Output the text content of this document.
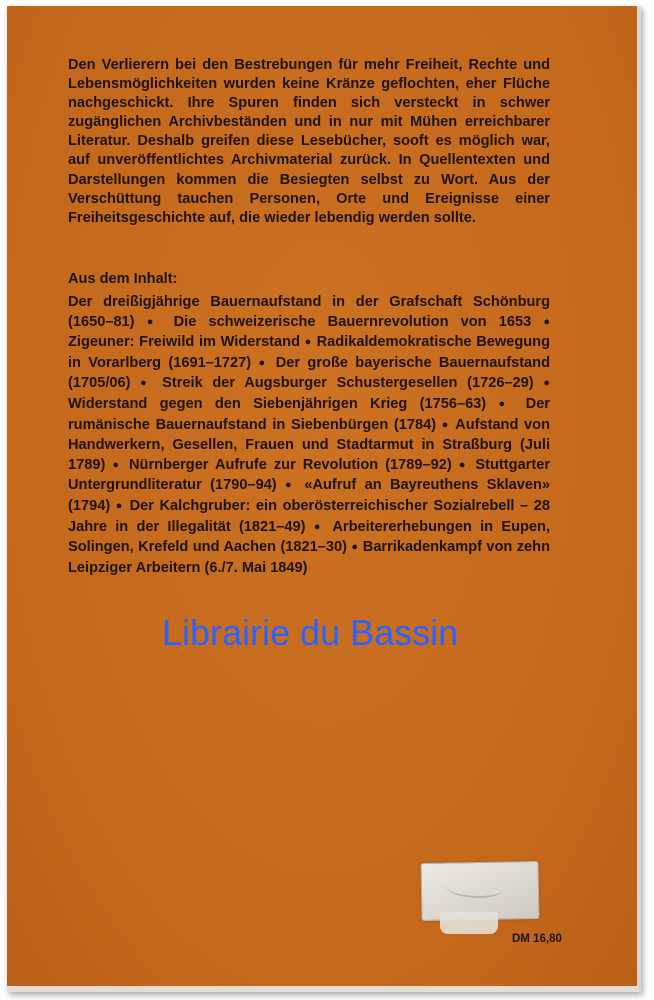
Den Verlierern bei den Bestrebungen für mehr Freiheit, Rechte und Lebensmöglichkeiten wurden keine Kränze geflochten, eher Flüche nachgeschickt. Ihre Spuren finden sich versteckt in schwer zugänglichen Archivbeständen und in nur mit Mühen erreichbarer Literatur. Deshalb greifen diese Lesebücher, sooft es möglich war, auf unveröffentlichtes Archivmaterial zurück. In Quellentexten und Darstellungen kommen die Besiegten selbst zu Wort. Aus der Verschüttung tauchen Personen, Orte und Ereignisse einer Freiheitsgeschichte auf, die wieder lebendig werden sollte.

Aus dem Inhalt:

Der dreißigjährige Bauernaufstand in der Grafschaft Schönburg (1650–81) ● Die schweizerische Bauernrevolution von 1653 ● Zigeuner: Freiwild im Widerstand ● Radikaldemokratische Bewegung in Vorarlberg (1691–1727) ● Der große bayerische Bauernaufstand (1705/06) ● Streik der Augsburger Schustergesellen (1726–29) ● Widerstand gegen den Siebenjährigen Krieg (1756–63) ● Der rumänische Bauernaufstand in Siebenbürgen (1784) ● Aufstand von Handwerkern, Gesellen, Frauen und Stadtarmut in Straßburg (Juli 1789) ● Nürnberger Aufrufe zur Revolution (1789–92) ● Stuttgarter Untergrundliteratur (1790–94) ● «Aufruf an Bayreuthens Sklaven» (1794) ● Der Kalchgruber: ein oberösterreichischer Sozialrebell – 28 Jahre in der Illegalität (1821–49) ● Arbeitererhebungen in Eupen, Solingen, Krefeld und Aachen (1821–30) ● Barrikadenkampf von zehn Leipziger Arbeitern (6./7. Mai 1849)

Librairie du Bassin
DM 16,80
